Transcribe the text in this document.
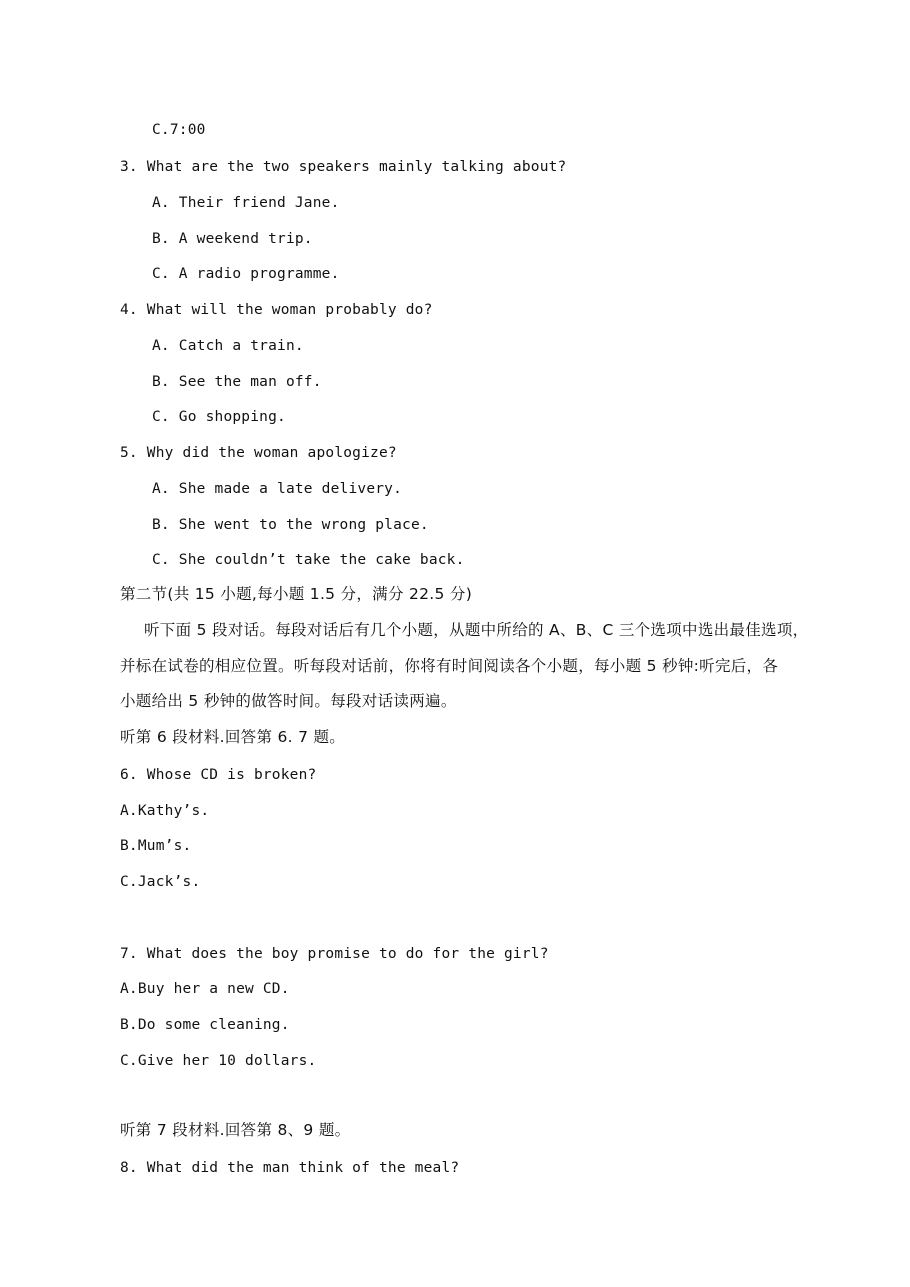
C.7:00
3. What are the two speakers mainly talking about?
A. Their friend Jane.
B. A weekend trip.
C. A radio programme.
4. What will the woman probably do?
A. Catch a train.
B. See the man off.
C. Go shopping.
5. Why did the woman apologize?
A. She made a late delivery.
B. She went to the wrong place.
C. She couldn’t take the cake back.
第二节(共 15 小题,每小题 1.5 分，满分 22.5 分)
听下面 5 段对话。每段对话后有几个小题，从题中所给的 A、B、C 三个选项中选出最佳选项，
并标在试卷的相应位置。听每段对话前，你将有时间阅读各个小题，每小题 5 秒钟:听完后，各
小题给出 5 秒钟的做答时间。每段对话读两遍。
听第 6 段材料.回答第 6. 7 题。
6. Whose CD is broken?
A.Kathy’s.
B.Mum’s.
C.Jack’s.
7. What does the boy promise to do for the girl?
A.Buy her a new CD.
B.Do some cleaning.
C.Give her 10 dollars.
听第 7 段材料.回答第 8、9 题。
8. What did the man think of the meal?
